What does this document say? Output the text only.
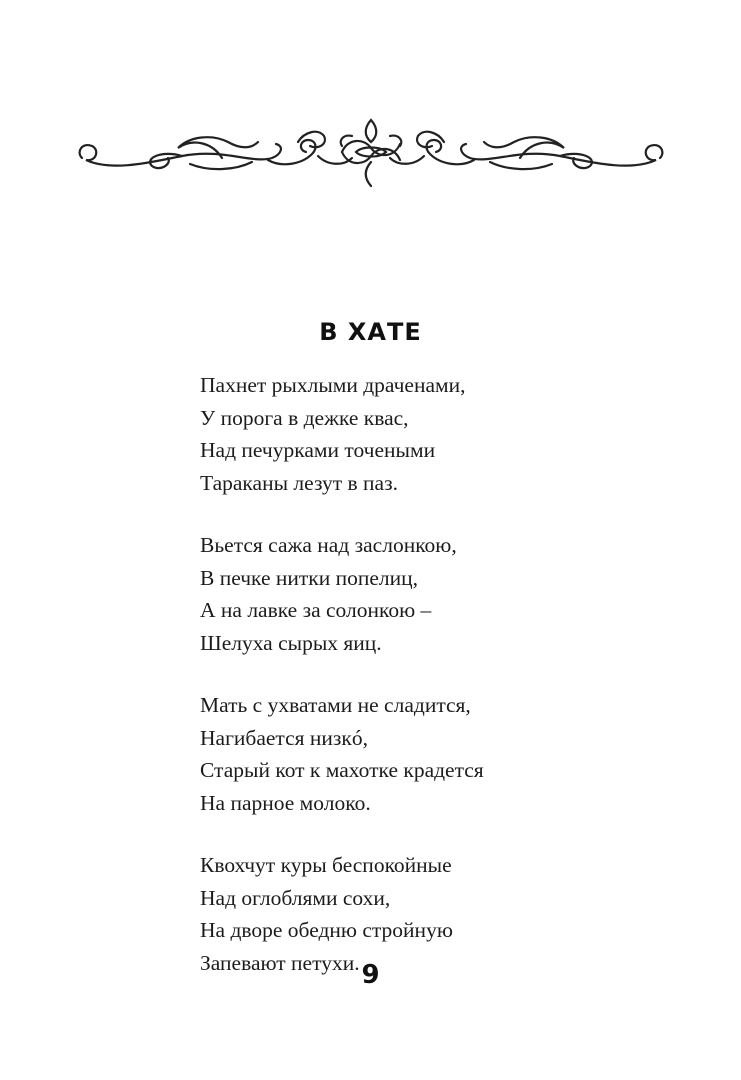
В ХАТЕ
Пахнет рыхлыми драченами,
У порога в дежке квас,
Над печурками точеными
Тараканы лезут в паз.
Вьется сажа над заслонкою,
В печке нитки попелиц,
А на лавке за солонкою –
Шелуха сырых яиц.
Мать с ухватами не сладится,
Нагибается низкó,
Старый кот к махотке крадется
На парное молоко.
Квохчут куры беспокойные
Над оглоблями сохи,
На дворе обедню стройную
Запевают петухи. 9
